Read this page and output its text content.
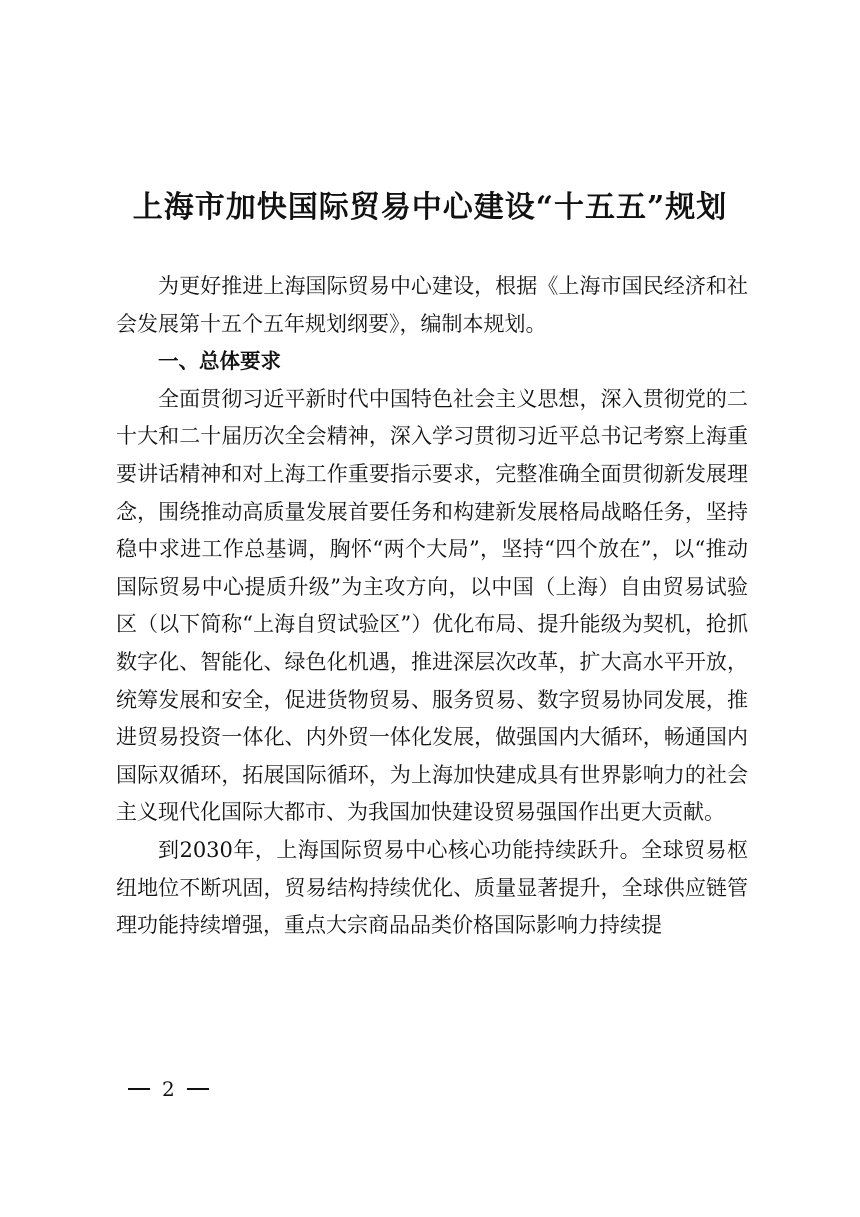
上海市加快国际贸易中心建设“十五五”规划

为更好推进上海国际贸易中心建设，根据《上海市国民经济和社会发展第十五个五年规划纲要》，编制本规划。

一、总体要求

全面贯彻习近平新时代中国特色社会主义思想，深入贯彻党的二十大和二十届历次全会精神，深入学习贯彻习近平总书记考察上海重要讲话精神和对上海工作重要指示要求，完整准确全面贯彻新发展理念，围绕推动高质量发展首要任务和构建新发展格局战略任务，坚持稳中求进工作总基调，胸怀“两个大局”，坚持“四个放在”，以“推动国际贸易中心提质升级”为主攻方向，以中国（上海）自由贸易试验区（以下简称“上海自贸试验区”）优化布局、提升能级为契机，抢抓数字化、智能化、绿色化机遇，推进深层次改革，扩大高水平开放，统筹发展和安全，促进货物贸易、服务贸易、数字贸易协同发展，推进贸易投资一体化、内外贸一体化发展，做强国内大循环，畅通国内国际双循环，拓展国际循环，为上海加快建成具有世界影响力的社会主义现代化国际大都市、为我国加快建设贸易强国作出更大贡献。

到2030年，上海国际贸易中心核心功能持续跃升。全球贸易枢纽地位不断巩固，贸易结构持续优化、质量显著提升，全球供应链管理功能持续增强，重点大宗商品品类价格国际影响力持续提

2
